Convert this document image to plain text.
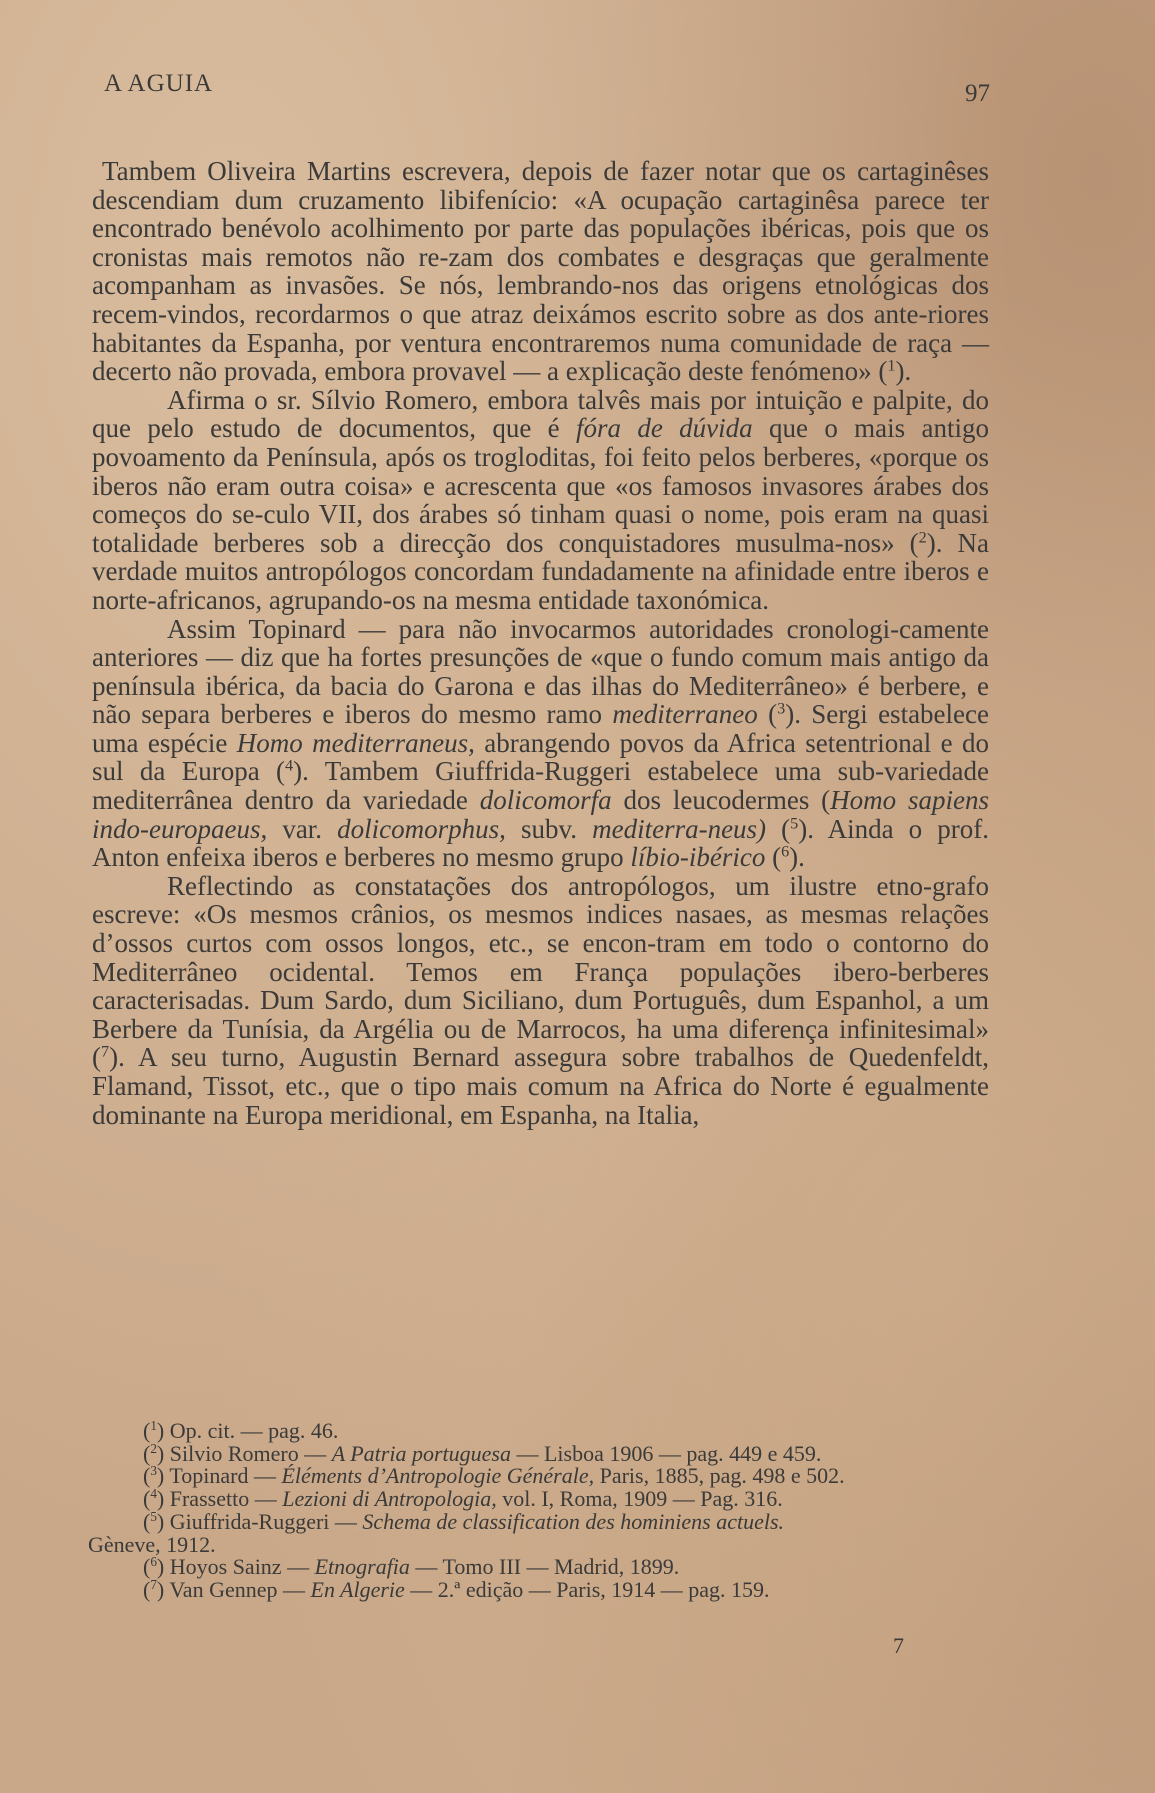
A AGUIA	97

Tambem Oliveira Martins escrevera, depois de fazer notar que os cartaginêses descendiam dum cruzamento libifenício: «A ocupação cartaginêsa parece ter encontrado benévolo acolhimento por parte das populações ibéricas, pois que os cronistas mais remotos não re‑zam dos combates e desgraças que geralmente acompanham as invasões. Se nós, lembrando‑nos das origens etnológicas dos recem‑vindos, recordarmos o que atraz deixámos escrito sobre as dos ante‑riores habitantes da Espanha, por ventura encontraremos numa comunidade de raça — decerto não provada, embora provavel — a explicação deste fenómeno» ($^1$).

Afirma o sr. Sílvio Romero, embora talvês mais por intuição e palpite, do que pelo estudo de documentos, que é fóra de dúvida que o mais antigo povoamento da Península, após os trogloditas, foi feito pelos berberes, «porque os iberos não eram outra coisa» e acrescenta que «os famosos invasores árabes dos começos do se‑culo VII, dos árabes só tinham quasi o nome, pois eram na quasi totalidade berberes sob a direcção dos conquistadores musulma‑nos» ($^2$). Na verdade muitos antropólogos concordam fundadamente na afinidade entre iberos e norte‑africanos, agrupando‑os na mesma entidade taxonómica.

Assim Topinard — para não invocarmos autoridades cronologi‑camente anteriores — diz que ha fortes presunções de «que o fundo comum mais antigo da península ibérica, da bacia do Garona e das ilhas do Mediterrâneo» é berbere, e não separa berberes e iberos do mesmo ramo mediterraneo ($^3$). Sergi estabelece uma espécie Homo mediterraneus, abrangendo povos da Africa setentrional e do sul da Europa ($^4$). Tambem Giuffrida‑Ruggeri estabelece uma sub‑variedade mediterrânea dentro da variedade dolicomorfa dos leucodermes (Homo sapiens indo‑europaeus, var. dolicomorphus, subv. mediterra‑neus) ($^5$). Ainda o prof. Anton enfeixa iberos e berberes no mesmo grupo líbio‑ibérico ($^6$).

Reflectindo as constatações dos antropólogos, um ilustre etno‑grafo escreve: «Os mesmos crânios, os mesmos indices nasaes, as mesmas relações d’ossos curtos com ossos longos, etc., se encon‑tram em todo o contorno do Mediterrâneo ocidental. Temos em França populações ibero‑berberes caracterisadas. Dum Sardo, dum Siciliano, dum Português, dum Espanhol, a um Berbere da Tunísia, da Argélia ou de Marrocos, ha uma diferença infinitesimal» ($^7$). A seu turno, Augustin Bernard assegura sobre trabalhos de Quedenfeldt, Flamand, Tissot, etc., que o tipo mais comum na Africa do Norte é egualmente dominante na Europa meridional, em Espanha, na Italia,

($^1$) Op. cit. — pag. 46.

($^2$) Silvio Romero — A Patria portuguesa — Lisboa 1906 — pag. 449 e 459.

($^3$) Topinard — Éléments d’Antropologie Générale, Paris, 1885, pag. 498 e 502.

($^4$) Frassetto — Lezioni di Antropologia, vol. I, Roma, 1909 — Pag. 316.

($^5$) Giuffrida‑Ruggeri — Schema de classification des hominiens actuels.

Gèneve, 1912.

($^6$) Hoyos Sainz — Etnografia — Tomo III — Madrid, 1899.

($^7$) Van Gennep — En Algerie — 2.ª edição — Paris, 1914 — pag. 159.

7
